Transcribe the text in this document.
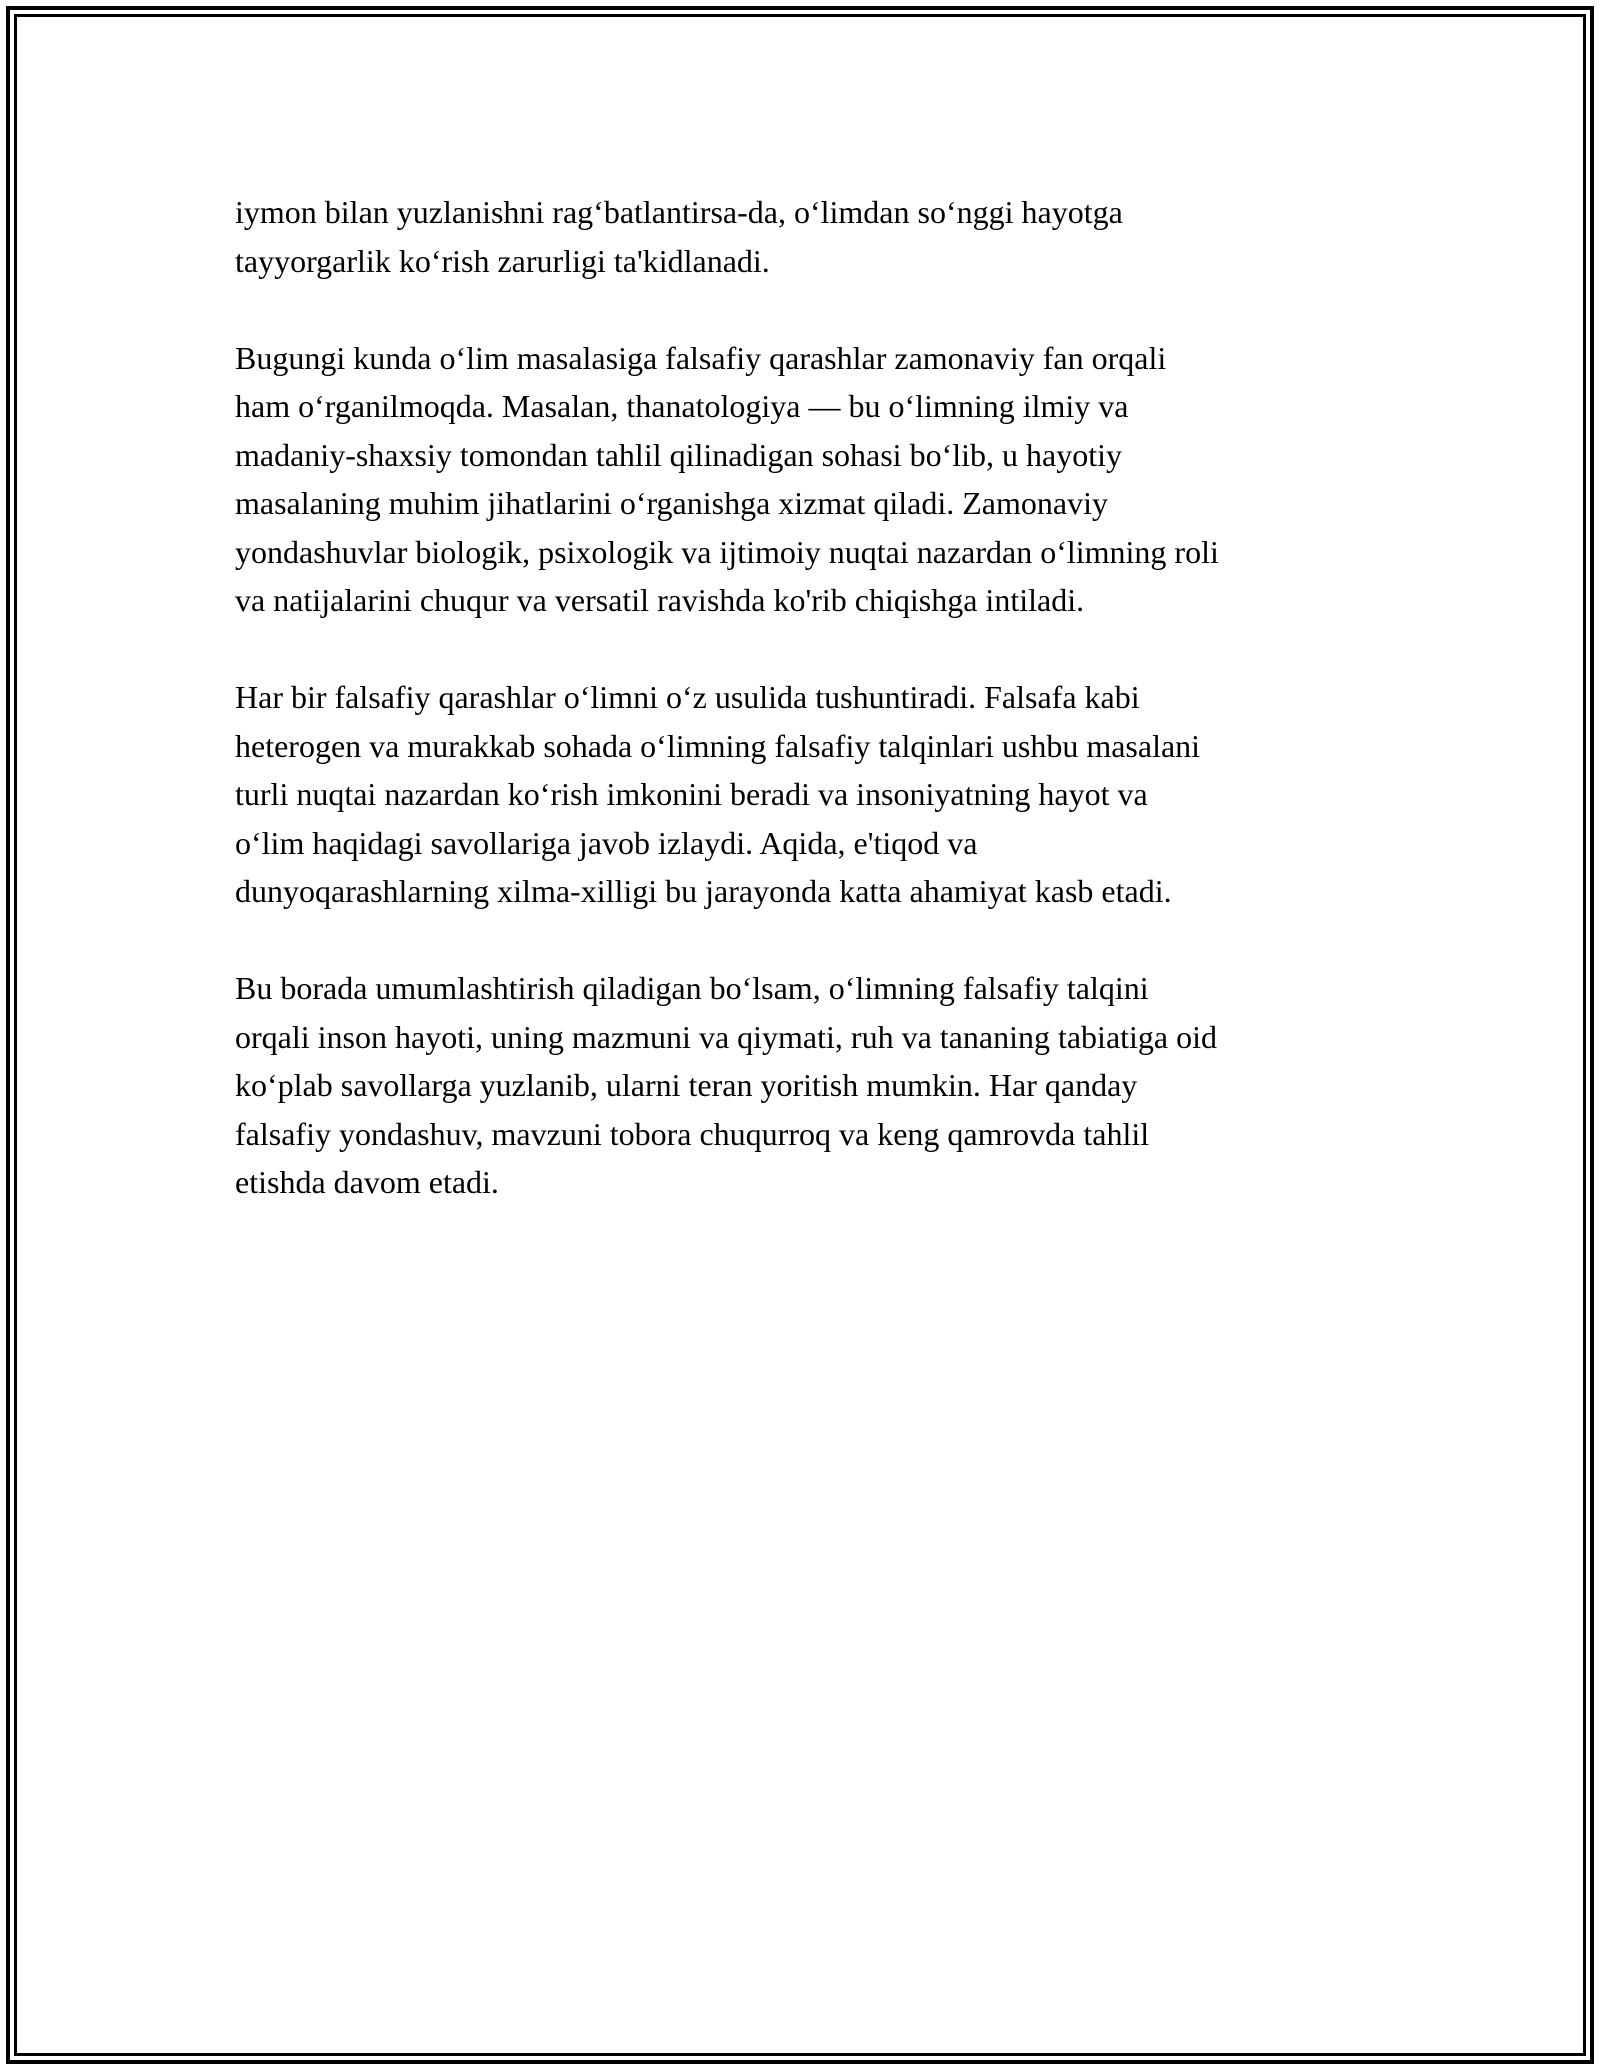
iymon bilan yuzlanishni rag‘batlantirsa-da, o‘limdan so‘nggi hayotga
tayyorgarlik ko‘rish zarurligi ta'kidlanadi.

Bugungi kunda o‘lim masalasiga falsafiy qarashlar zamonaviy fan orqali
ham o‘rganilmoqda. Masalan, thanatologiya — bu o‘limning ilmiy va
madaniy-shaxsiy tomondan tahlil qilinadigan sohasi bo‘lib, u hayotiy
masalaning muhim jihatlarini o‘rganishga xizmat qiladi. Zamonaviy
yondashuvlar biologik, psixologik va ijtimoiy nuqtai nazardan o‘limning roli
va natijalarini chuqur va versatil ravishda ko'rib chiqishga intiladi.

Har bir falsafiy qarashlar o‘limni o‘z usulida tushuntiradi. Falsafa kabi
heterogen va murakkab sohada o‘limning falsafiy talqinlari ushbu masalani
turli nuqtai nazardan ko‘rish imkonini beradi va insoniyatning hayot va
o‘lim haqidagi savollariga javob izlaydi. Aqida, e'tiqod va
dunyoqarashlarning xilma-xilligi bu jarayonda katta ahamiyat kasb etadi.

Bu borada umumlashtirish qiladigan bo‘lsam, o‘limning falsafiy talqini
orqali inson hayoti, uning mazmuni va qiymati, ruh va tananing tabiatiga oid
ko‘plab savollarga yuzlanib, ularni teran yoritish mumkin. Har qanday
falsafiy yondashuv, mavzuni tobora chuqurroq va keng qamrovda tahlil
etishda davom etadi.
